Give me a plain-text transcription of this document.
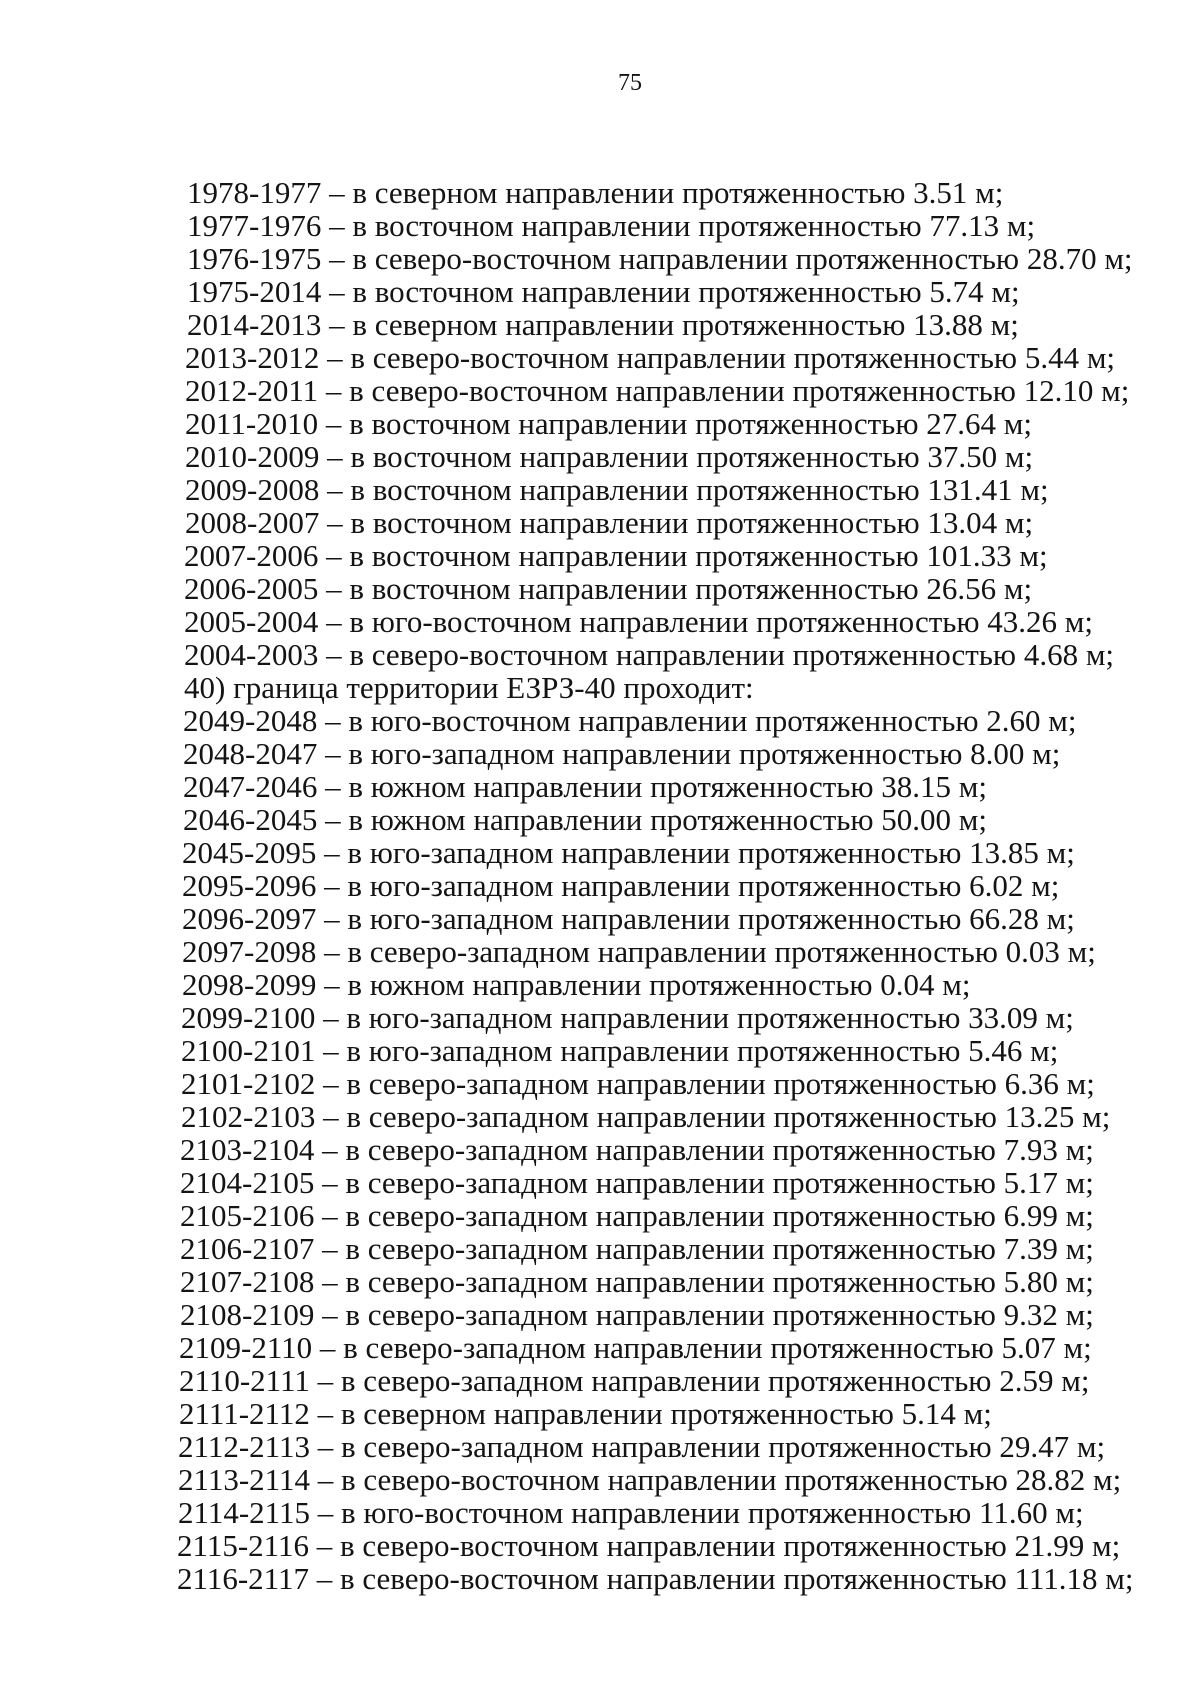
75
1978-1977 – в северном направлении протяженностью 3.51 м;
1977-1976 – в восточном направлении протяженностью 77.13 м;
1976-1975 – в северо-восточном направлении протяженностью 28.70 м;
1975-2014 – в восточном направлении протяженностью 5.74 м;
2014-2013 – в северном направлении протяженностью 13.88 м;
2013-2012 – в северо-восточном направлении протяженностью 5.44 м;
2012-2011 – в северо-восточном направлении протяженностью 12.10 м;
2011-2010 – в восточном направлении протяженностью 27.64 м;
2010-2009 – в восточном направлении протяженностью 37.50 м;
2009-2008 – в восточном направлении протяженностью 131.41 м;
2008-2007 – в восточном направлении протяженностью 13.04 м;
2007-2006 – в восточном направлении протяженностью 101.33 м;
2006-2005 – в восточном направлении протяженностью 26.56 м;
2005-2004 – в юго-восточном направлении протяженностью 43.26 м;
2004-2003 – в северо-восточном направлении протяженностью 4.68 м;
40) граница территории ЕЗРЗ-40 проходит:
2049-2048 – в юго-восточном направлении протяженностью 2.60 м;
2048-2047 – в юго-западном направлении протяженностью 8.00 м;
2047-2046 – в южном направлении протяженностью 38.15 м;
2046-2045 – в южном направлении протяженностью 50.00 м;
2045-2095 – в юго-западном направлении протяженностью 13.85 м;
2095-2096 – в юго-западном направлении протяженностью 6.02 м;
2096-2097 – в юго-западном направлении протяженностью 66.28 м;
2097-2098 – в северо-западном направлении протяженностью 0.03 м;
2098-2099 – в южном направлении протяженностью 0.04 м;
2099-2100 – в юго-западном направлении протяженностью 33.09 м;
2100-2101 – в юго-западном направлении протяженностью 5.46 м;
2101-2102 – в северо-западном направлении протяженностью 6.36 м;
2102-2103 – в северо-западном направлении протяженностью 13.25 м;
2103-2104 – в северо-западном направлении протяженностью 7.93 м;
2104-2105 – в северо-западном направлении протяженностью 5.17 м;
2105-2106 – в северо-западном направлении протяженностью 6.99 м;
2106-2107 – в северо-западном направлении протяженностью 7.39 м;
2107-2108 – в северо-западном направлении протяженностью 5.80 м;
2108-2109 – в северо-западном направлении протяженностью 9.32 м;
2109-2110 – в северо-западном направлении протяженностью 5.07 м;
2110-2111 – в северо-западном направлении протяженностью 2.59 м;
2111-2112 – в северном направлении протяженностью 5.14 м;
2112-2113 – в северо-западном направлении протяженностью 29.47 м;
2113-2114 – в северо-восточном направлении протяженностью 28.82 м;
2114-2115 – в юго-восточном направлении протяженностью 11.60 м;
2115-2116 – в северо-восточном направлении протяженностью 21.99 м;
2116-2117 – в северо-восточном направлении протяженностью 111.18 м;
